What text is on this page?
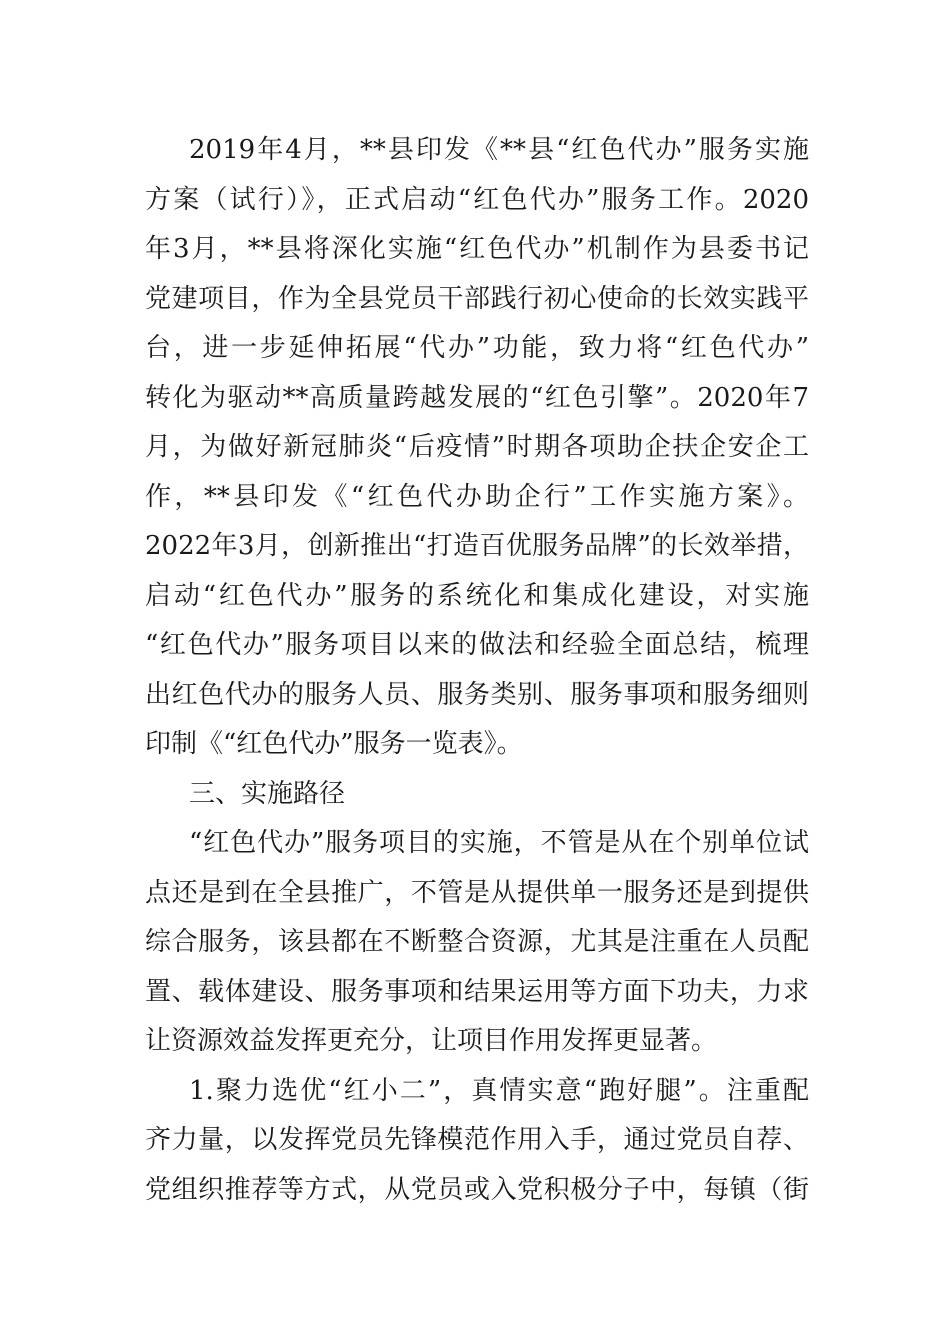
2019年4月，**县印发《**县“红色代办”服务实施
方案（试行）》，正式启动“红色代办”服务工作。2020
年3月，**县将深化实施“红色代办”机制作为县委书记
党建项目，作为全县党员干部践行初心使命的长效实践平
台，进一步延伸拓展“代办”功能，致力将“红色代办”
转化为驱动**高质量跨越发展的“红色引擎”。2020年7
月，为做好新冠肺炎“后疫情”时期各项助企扶企安企工
作，**县印发《“红色代办助企行”工作实施方案》。
2022年3月，创新推出“打造百优服务品牌”的长效举措，
启动“红色代办”服务的系统化和集成化建设，对实施
“红色代办”服务项目以来的做法和经验全面总结，梳理
出红色代办的服务人员、服务类别、服务事项和服务细则
印制《“红色代办”服务一览表》。
三、实施路径
“红色代办”服务项目的实施，不管是从在个别单位试
点还是到在全县推广，不管是从提供单一服务还是到提供
综合服务，该县都在不断整合资源，尤其是注重在人员配
置、载体建设、服务事项和结果运用等方面下功夫，力求
让资源效益发挥更充分，让项目作用发挥更显著。
1.聚力选优“红小二”，真情实意“跑好腿”。注重配
齐力量，以发挥党员先锋模范作用入手，通过党员自荐、
党组织推荐等方式，从党员或入党积极分子中，每镇（街
